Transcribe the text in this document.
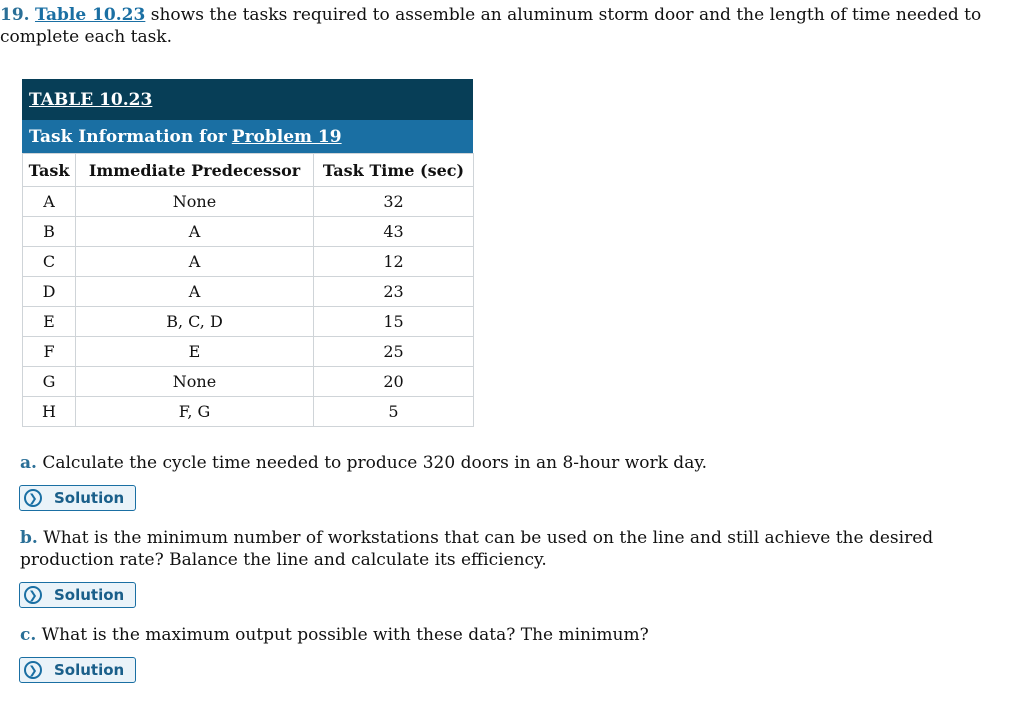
19. Table 10.23 shows the tasks required to assemble an aluminum storm door and the length of time needed to complete each task.

TABLE 10.23
Task Information for Problem 19
Task	Immediate Predecessor	Task Time (sec)
A	None	32
B	A	43
C	A	12
D	A	23
E	B, C, D	15
F	E	25
G	None	20
H	F, G	5

a. Calculate the cycle time needed to produce 320 doors in an 8-hour work day.

❯ Solution

b. What is the minimum number of workstations that can be used on the line and still achieve the desired production rate? Balance the line and calculate its efficiency.

❯ Solution

c. What is the maximum output possible with these data? The minimum?

❯ Solution
